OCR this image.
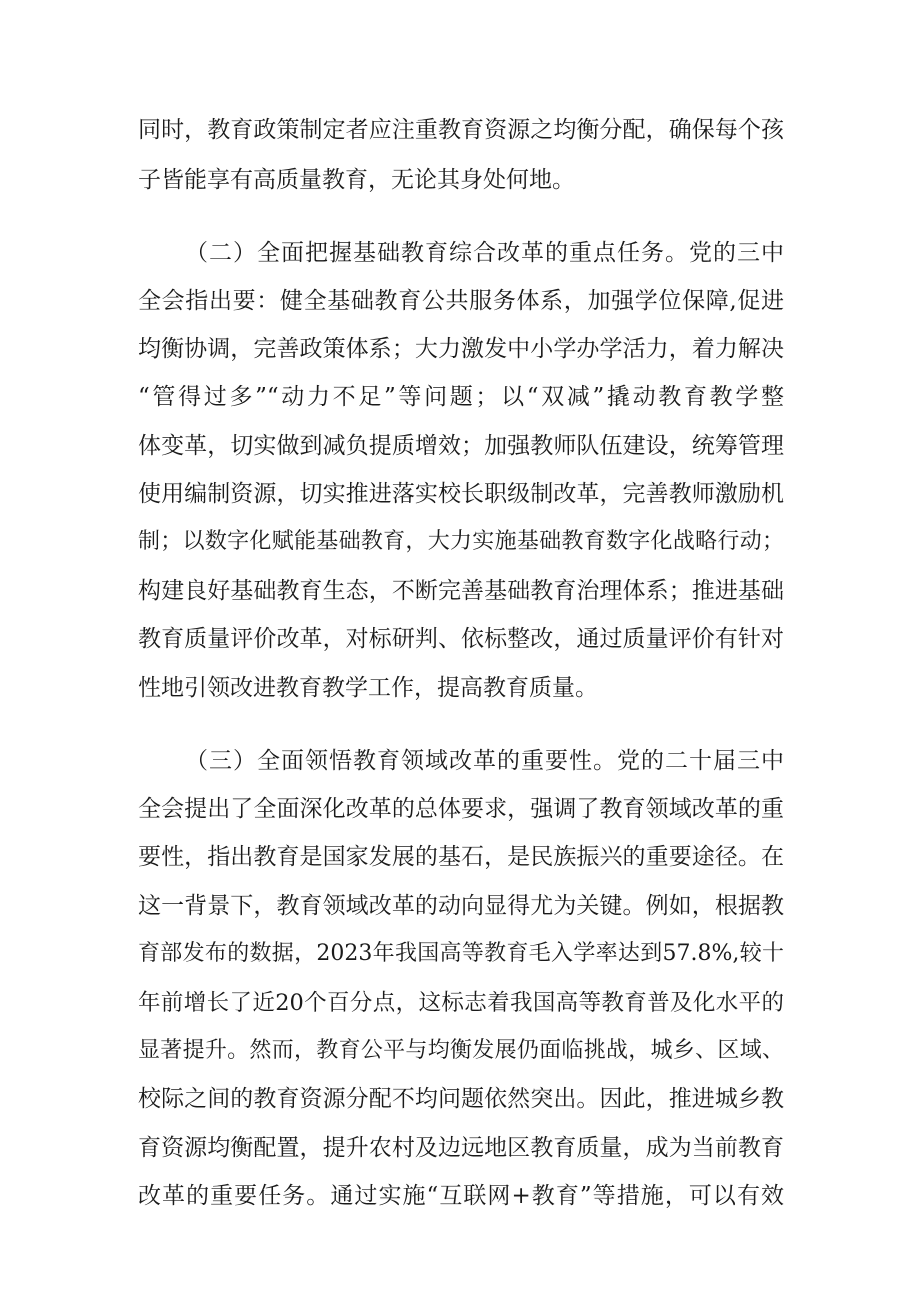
同时，教育政策制定者应注重教育资源之均衡分配，确保每个孩
子皆能享有高质量教育，无论其身处何地。
（二）全面把握基础教育综合改革的重点任务。党的三中
全会指出要：健全基础教育公共服务体系，加强学位保障,促进
均衡协调，完善政策体系；大力激发中小学办学活力，着力解决
“管得过多”“动力不足”等问题；以“双减”撬动教育教学整
体变革，切实做到减负提质增效；加强教师队伍建设，统筹管理
使用编制资源，切实推进落实校长职级制改革，完善教师激励机
制；以数字化赋能基础教育，大力实施基础教育数字化战略行动；
构建良好基础教育生态，不断完善基础教育治理体系；推进基础
教育质量评价改革，对标研判、依标整改，通过质量评价有针对
性地引领改进教育教学工作，提高教育质量。
（三）全面领悟教育领域改革的重要性。党的二十届三中
全会提出了全面深化改革的总体要求，强调了教育领域改革的重
要性，指出教育是国家发展的基石，是民族振兴的重要途径。在
这一背景下，教育领域改革的动向显得尤为关键。例如，根据教
育部发布的数据，2023年我国高等教育毛入学率达到57.8%,较十
年前增长了近20个百分点，这标志着我国高等教育普及化水平的
显著提升。然而，教育公平与均衡发展仍面临挑战，城乡、区域、
校际之间的教育资源分配不均问题依然突出。因此，推进城乡教
育资源均衡配置，提升农村及边远地区教育质量，成为当前教育
改革的重要任务。通过实施“互联网+教育”等措施，可以有效
